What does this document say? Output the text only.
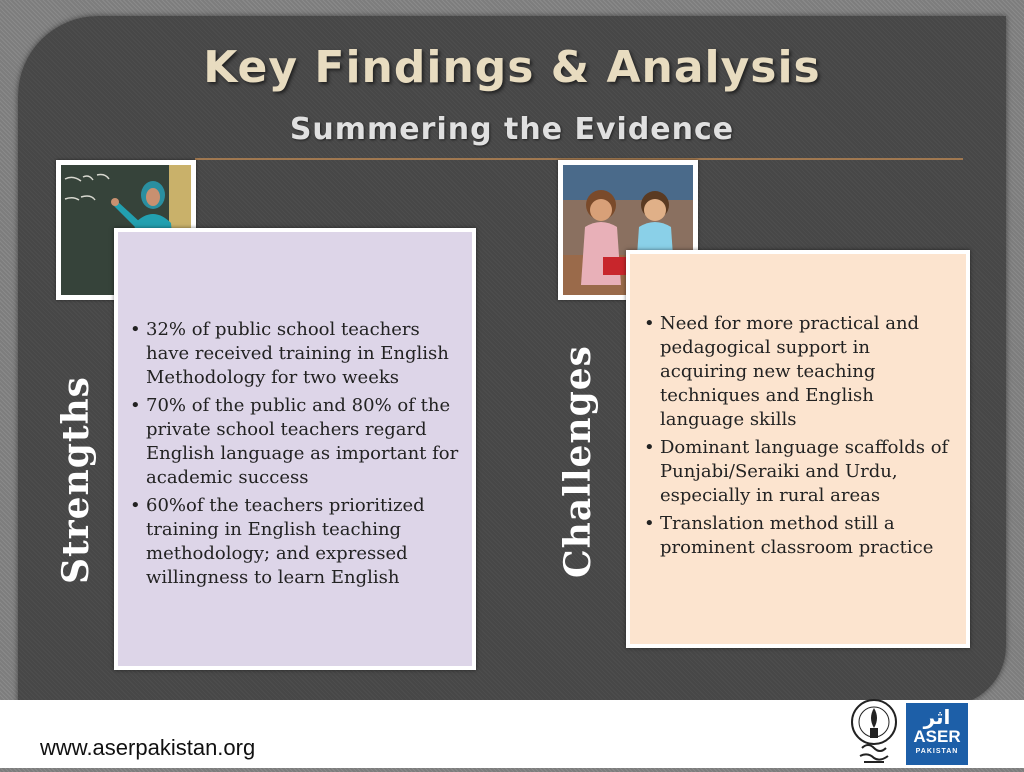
Key Findings & Analysis
Summering the Evidence
Strengths
• 32% of public school teachers have received training in English Methodology for two weeks
• 70% of the public and 80% of the private school teachers regard English language as important for academic success
• 60%of the teachers prioritized training in English teaching methodology; and expressed willingness to learn English	Challenges
• Need for more practical and pedagogical support in acquiring new teaching techniques and English language skills
• Dominant language scaffolds of Punjabi/Seraiki and Urdu, especially in rural areas
• Translation method still a prominent classroom practice
www.aserpakistan.org
اثر
ASER
PAKISTAN
